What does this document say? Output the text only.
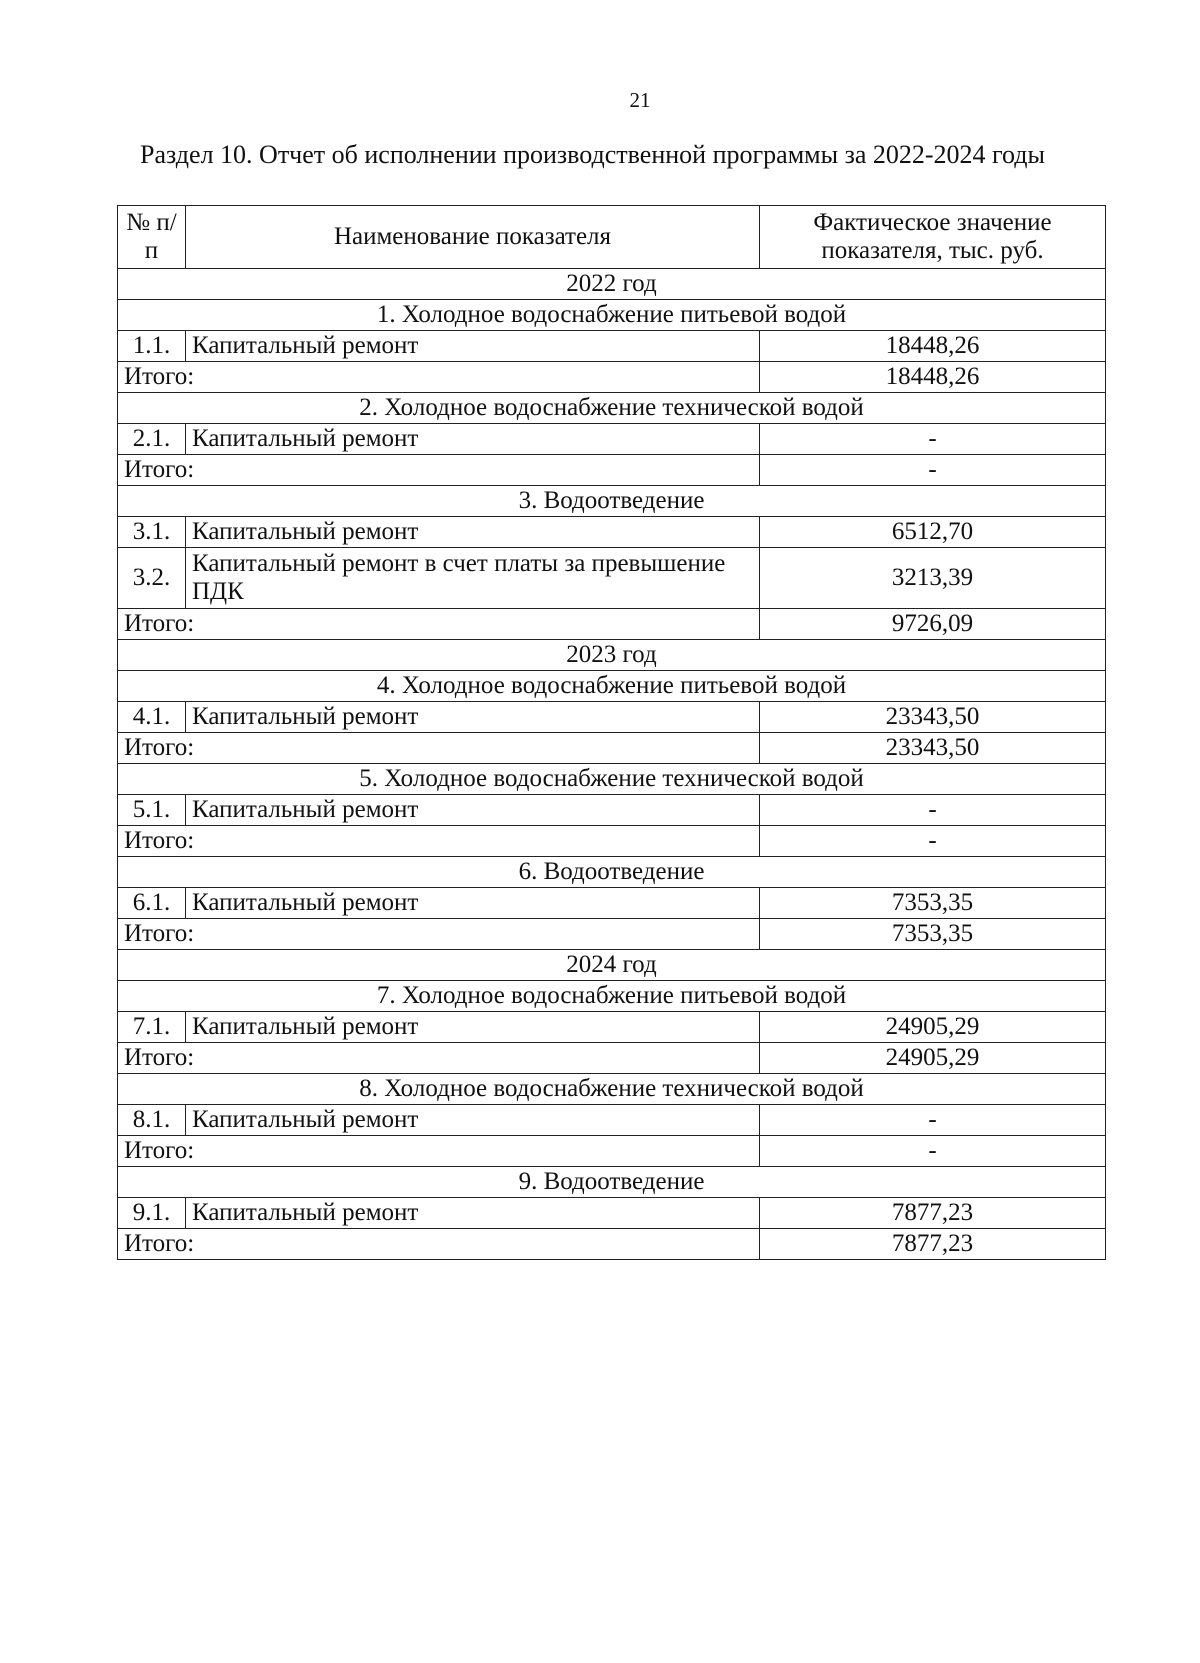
21
Раздел 10. Отчет об исполнении производственной программы за 2022-2024 годы
№ п/п	Наименование показателя	Фактическое значение показателя, тыс. руб.
2022 год		
1. Холодное водоснабжение питьевой водой		
1.1.	Капитальный ремонт	18448,26
Итого:		18448,26
2. Холодное водоснабжение технической водой		
2.1.	Капитальный ремонт	-
Итого:		-
3. Водоотведение		
3.1.	Капитальный ремонт	6512,70
3.2.	Капитальный ремонт в счет платы за превышение ПДК	3213,39
Итого:		9726,09
2023 год		
4. Холодное водоснабжение питьевой водой		
4.1.	Капитальный ремонт	23343,50
Итого:		23343,50
5. Холодное водоснабжение технической водой		
5.1.	Капитальный ремонт	-
Итого:		-
6. Водоотведение		
6.1.	Капитальный ремонт	7353,35
Итого:		7353,35
2024 год		
7. Холодное водоснабжение питьевой водой		
7.1.	Капитальный ремонт	24905,29
Итого:		24905,29
8. Холодное водоснабжение технической водой		
8.1.	Капитальный ремонт	-
Итого:		-
9. Водоотведение		
9.1.	Капитальный ремонт	7877,23
Итого:		7877,23
